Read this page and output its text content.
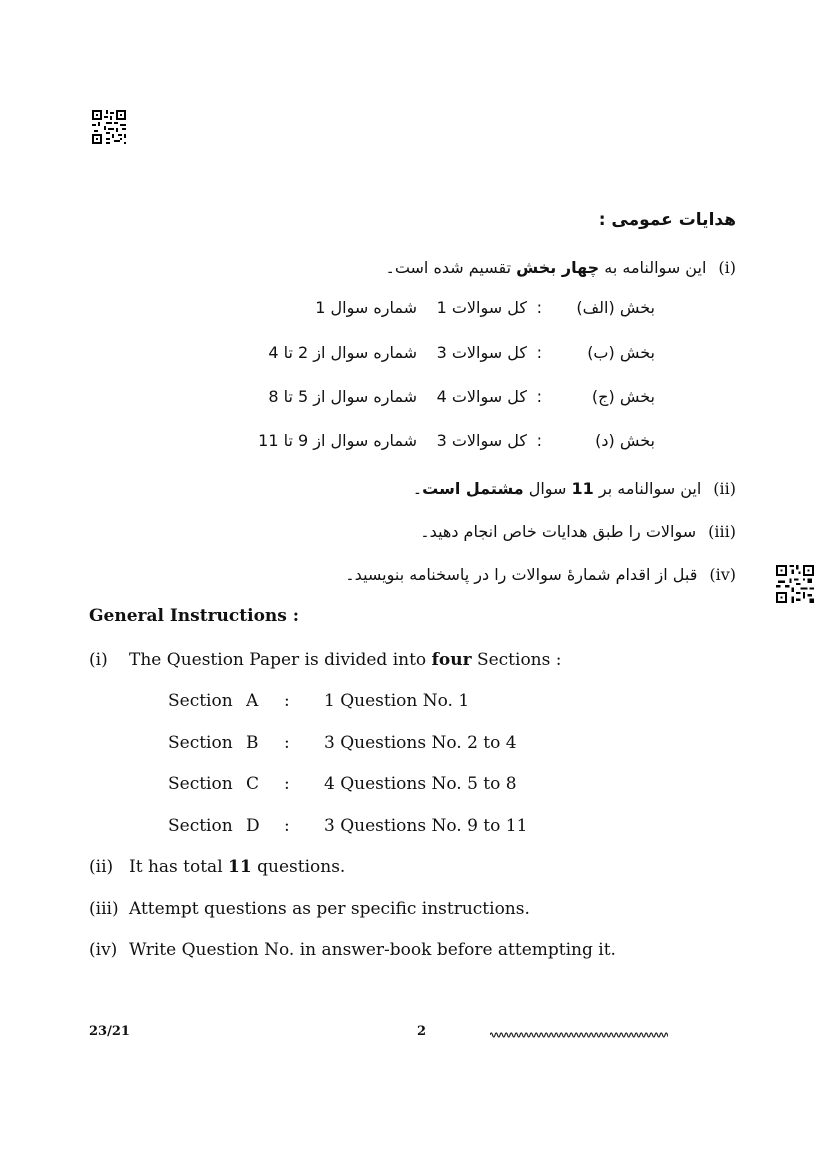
هدایات عمومی :
(i)این سوالنامه به چهار بخش تقسیم شده است۔
بخش (الف)
:
کل سوالات 1
شماره سوال 1
بخش (ب)
:
کل سوالات 3
شماره سوال از 2 تا 4
بخش (ج)
:
کل سوالات 4
شماره سوال از 5 تا 8
بخش (د)
:
کل سوالات 3
شماره سوال از 9 تا 11
(ii)این سوالنامه بر 11 سوال مشتمل است۔
(iii)سوالات را طبق هدایات خاص انجام دهید۔
(iv)قبل از اقدام شمارهٔ سوالات را در پاسخنامه بنویسید۔
General Instructions :
(i) The Question Paper is divided into four Sections :
Section A : 1 Question No. 1
Section B : 3 Questions No. 2 to 4
Section C : 4 Questions No. 5 to 8
Section D : 3 Questions No. 9 to 11
(ii) It has total 11 questions.
(iii) Attempt questions as per specific instructions.
(iv) Write Question No. in answer-book before attempting it.
23/21	2
